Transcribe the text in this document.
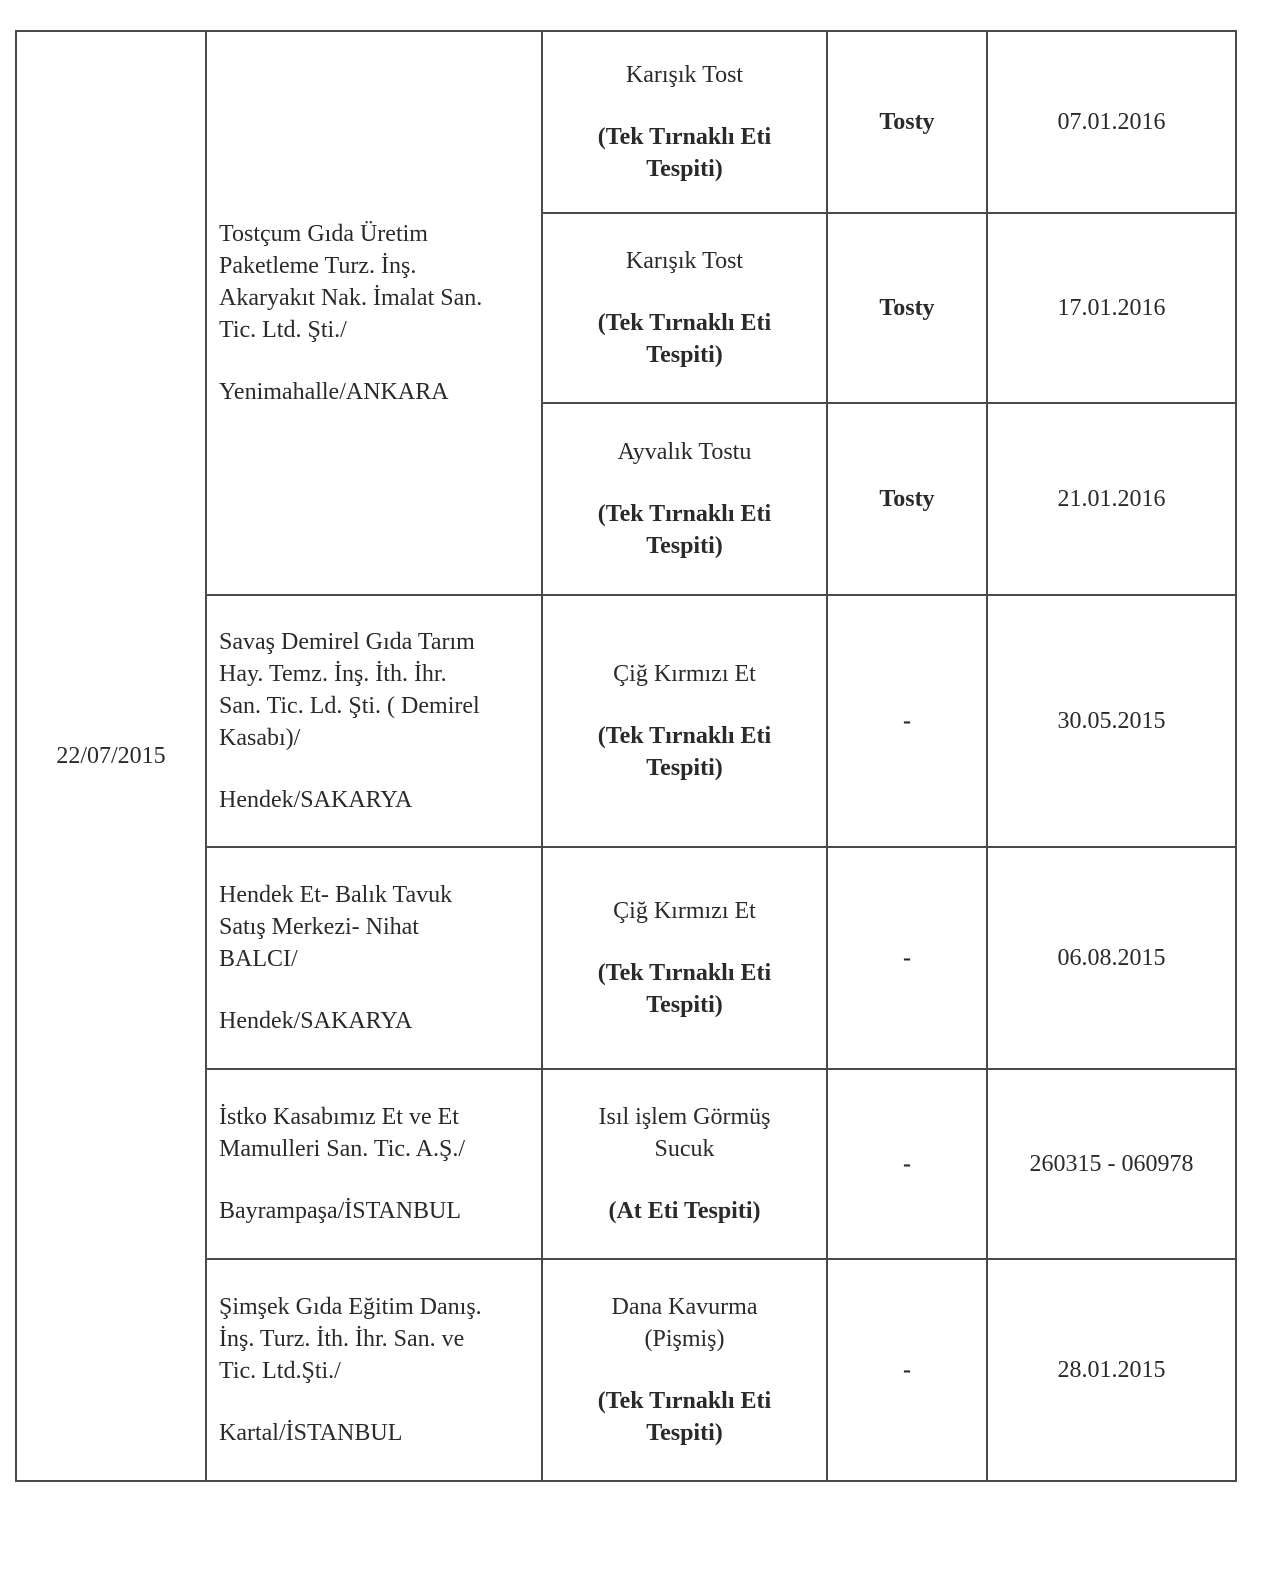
22/07/2015	Tostçum Gıda Üretim
Paketleme Turz. İnş.
Akaryakıt Nak. İmalat San.
Tic. Ltd. Şti./
Yenimahalle/ANKARA	Karışık Tost
(Tek Tırnaklı Eti
Tespiti)	Tosty	07.01.2016

		Karışık Tost
(Tek Tırnaklı Eti
Tespiti)	Tosty	17.01.2016

		Ayvalık Tostu
(Tek Tırnaklı Eti
Tespiti)	Tosty	21.01.2016

	Savaş Demirel Gıda Tarım
Hay. Temz. İnş. İth. İhr.
San. Tic. Ld. Şti. ( Demirel
Kasabı)/
Hendek/SAKARYA	Çiğ Kırmızı Et
(Tek Tırnaklı Eti
Tespiti)	-	30.05.2015

	Hendek Et- Balık Tavuk
Satış Merkezi- Nihat
BALCI/
Hendek/SAKARYA	Çiğ Kırmızı Et
(Tek Tırnaklı Eti
Tespiti)	-	06.08.2015

	İstko Kasabımız Et ve Et
Mamulleri San. Tic. A.Ş./
Bayrampaşa/İSTANBUL	Isıl işlem Görmüş
Sucuk
(At Eti Tespiti)	-	260315 - 060978

	Şimşek Gıda Eğitim Danış.
İnş. Turz. İth. İhr. San. ve
Tic. Ltd.Şti./
Kartal/İSTANBUL	Dana Kavurma
(Pişmiş)
(Tek Tırnaklı Eti
Tespiti)	-	28.01.2015
